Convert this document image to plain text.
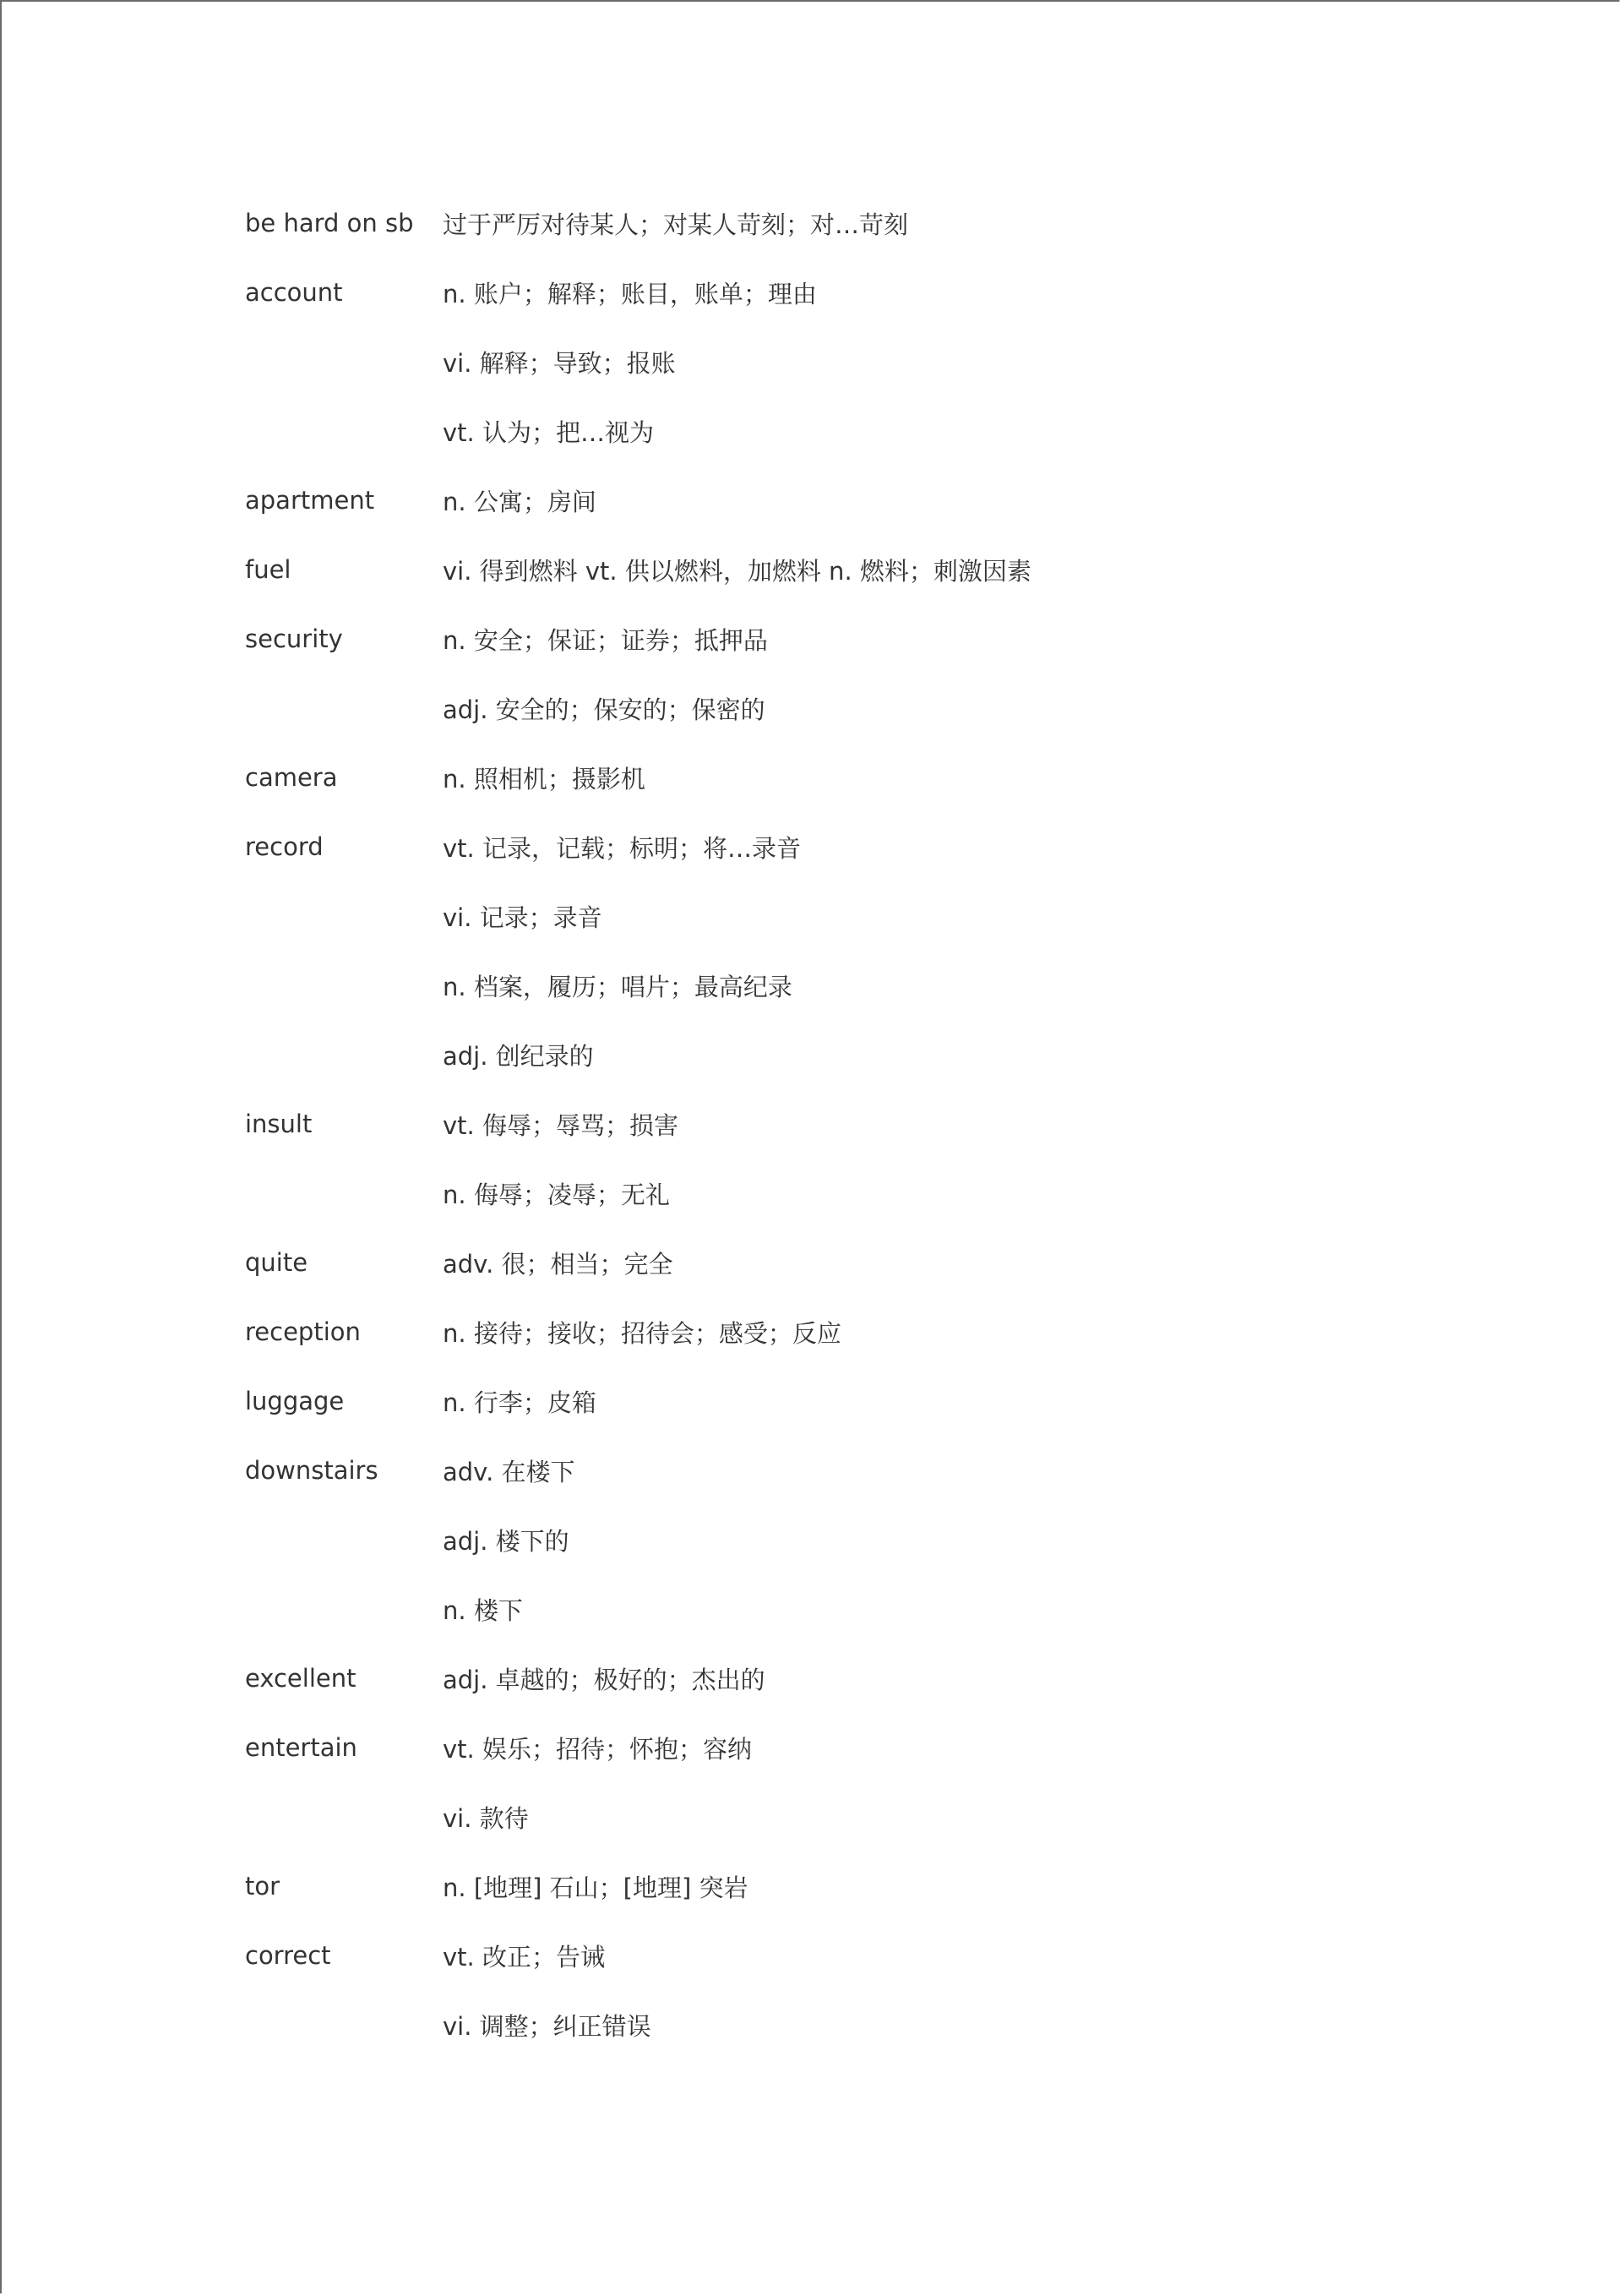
be hard on sb	过于严厉对待某人；对某人苛刻；对…苛刻
account	n. 账户；解释；账目，账单；理由
vi. 解释；导致；报账
vt. 认为；把…视为
apartment	n. 公寓；房间
fuel	vi. 得到燃料 vt. 供以燃料，加燃料 n. 燃料；刺激因素
security	n. 安全；保证；证券；抵押品
adj. 安全的；保安的；保密的
camera	n. 照相机；摄影机
record	vt. 记录，记载；标明；将…录音
vi. 记录；录音
n. 档案，履历；唱片；最高纪录
adj. 创纪录的
insult	vt. 侮辱；辱骂；损害
n. 侮辱；凌辱；无礼
quite	adv. 很；相当；完全
reception	n. 接待；接收；招待会；感受；反应
luggage	n. 行李；皮箱
downstairs	adv. 在楼下
adj. 楼下的
n. 楼下
excellent	adj. 卓越的；极好的；杰出的
entertain	vt. 娱乐；招待；怀抱；容纳
vi. 款待
tor	n. [地理] 石山；[地理] 突岩
correct	vt. 改正；告诫
vi. 调整；纠正错误
